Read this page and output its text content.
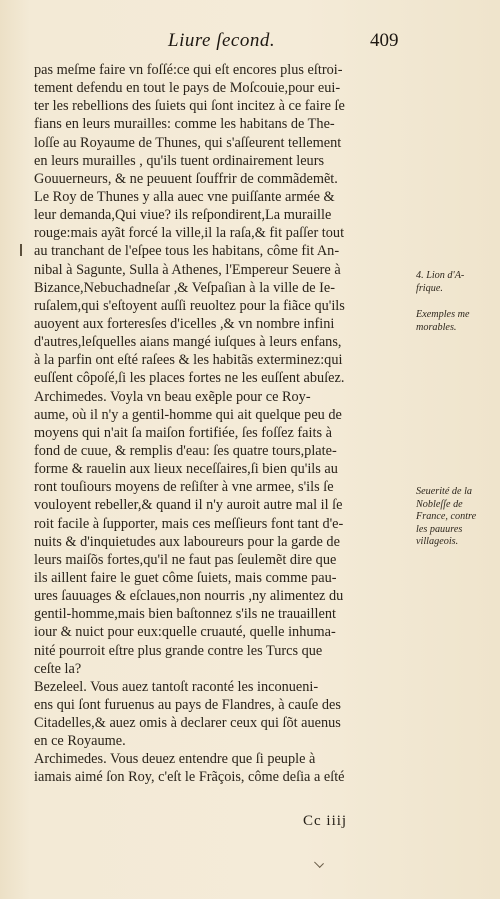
Liure ſecond.	409
pas meſme faire vn foſſé:ce qui eſt encores plus eſtroi-
tement defendu en tout le pays de Moſcouie,pour eui-
ter les rebellions des ſuiets qui ſont incitez à ce faire ſe
fians en leurs murailles: comme les habitans de The-
loſſe au Royaume de Thunes, qui s'aſſeurent tellement
en leurs murailles , qu'ils tuent ordinairement leurs
Gouuerneurs, & ne peuuent ſouffrir de commãdemẽt.
Le Roy de Thunes y alla auec vne puiſſante armée &
leur demanda,Qui viue? ils reſpondirent,La muraille
rouge:mais ayãt forcé la ville,il la raſa,& fit paſſer tout
au tranchant de l'eſpee tous les habitans, côme fit An-
nibal à Sagunte, Sulla à Athenes, l'Empereur Seuere à
Bizance,Nebuchadneſar ,& Veſpaſian à la ville de Ie-
ruſalem,qui s'eſtoyent auſſi reuoltez pour la fiãce qu'ils
auoyent aux forteresſes d'icelles ,& vn nombre infini
d'autres,leſquelles aians mangé iuſques à leurs enfans,
à la parfin ont eſté raſees & les habitãs exterminez:qui
euſſent côpoſé,ſi les places fortes ne les euſſent abuſez.
Archimedes. Voyla vn beau exẽple pour ce Roy-
aume, où il n'y a gentil-homme qui ait quelque peu de
moyens qui n'ait ſa maiſon fortifiée, ſes foſſez faits à
fond de cuue, & remplis d'eau: ſes quatre tours,plate-
forme & rauelin aux lieux neceſſaires,ſi bien qu'ils au
ront touſiours moyens de reſiſter à vne armee, s'ils ſe
vouloyent rebeller,& quand il n'y auroit autre mal il ſe
roit facile à ſupporter, mais ces meſſieurs font tant d'e-
nuits & d'inquietudes aux laboureurs pour la garde de
leurs maiſõs fortes,qu'il ne faut pas ſeulemẽt dire que
ils aillent faire le guet côme ſuiets, mais comme pau-
ures ſauuages & eſclaues,non nourris ,ny alimentez du
gentil-homme,mais bien baſtonnez s'ils ne trauaillent
iour & nuict pour eux:quelle cruauté, quelle inhuma-
nité pourroit eſtre plus grande contre les Turcs que
ceſte la?
Bezeleel. Vous auez tantoſt raconté les inconueni-
ens qui ſont furuenus au pays de Flandres, à cauſe des
Citadelles,& auez omis à declarer ceux qui ſõt auenus
en ce Royaume.
Archimedes. Vous deuez entendre que ſi peuple à
iamais aimé ſon Roy, c'eſt le Frãçois, côme deſia a eſté
4. Lion d'A-
frique.
Exemples me
morables.
Seuerité de la
Nobleſſe de
France, contre
les pauures
villageois.
Cc iiij
